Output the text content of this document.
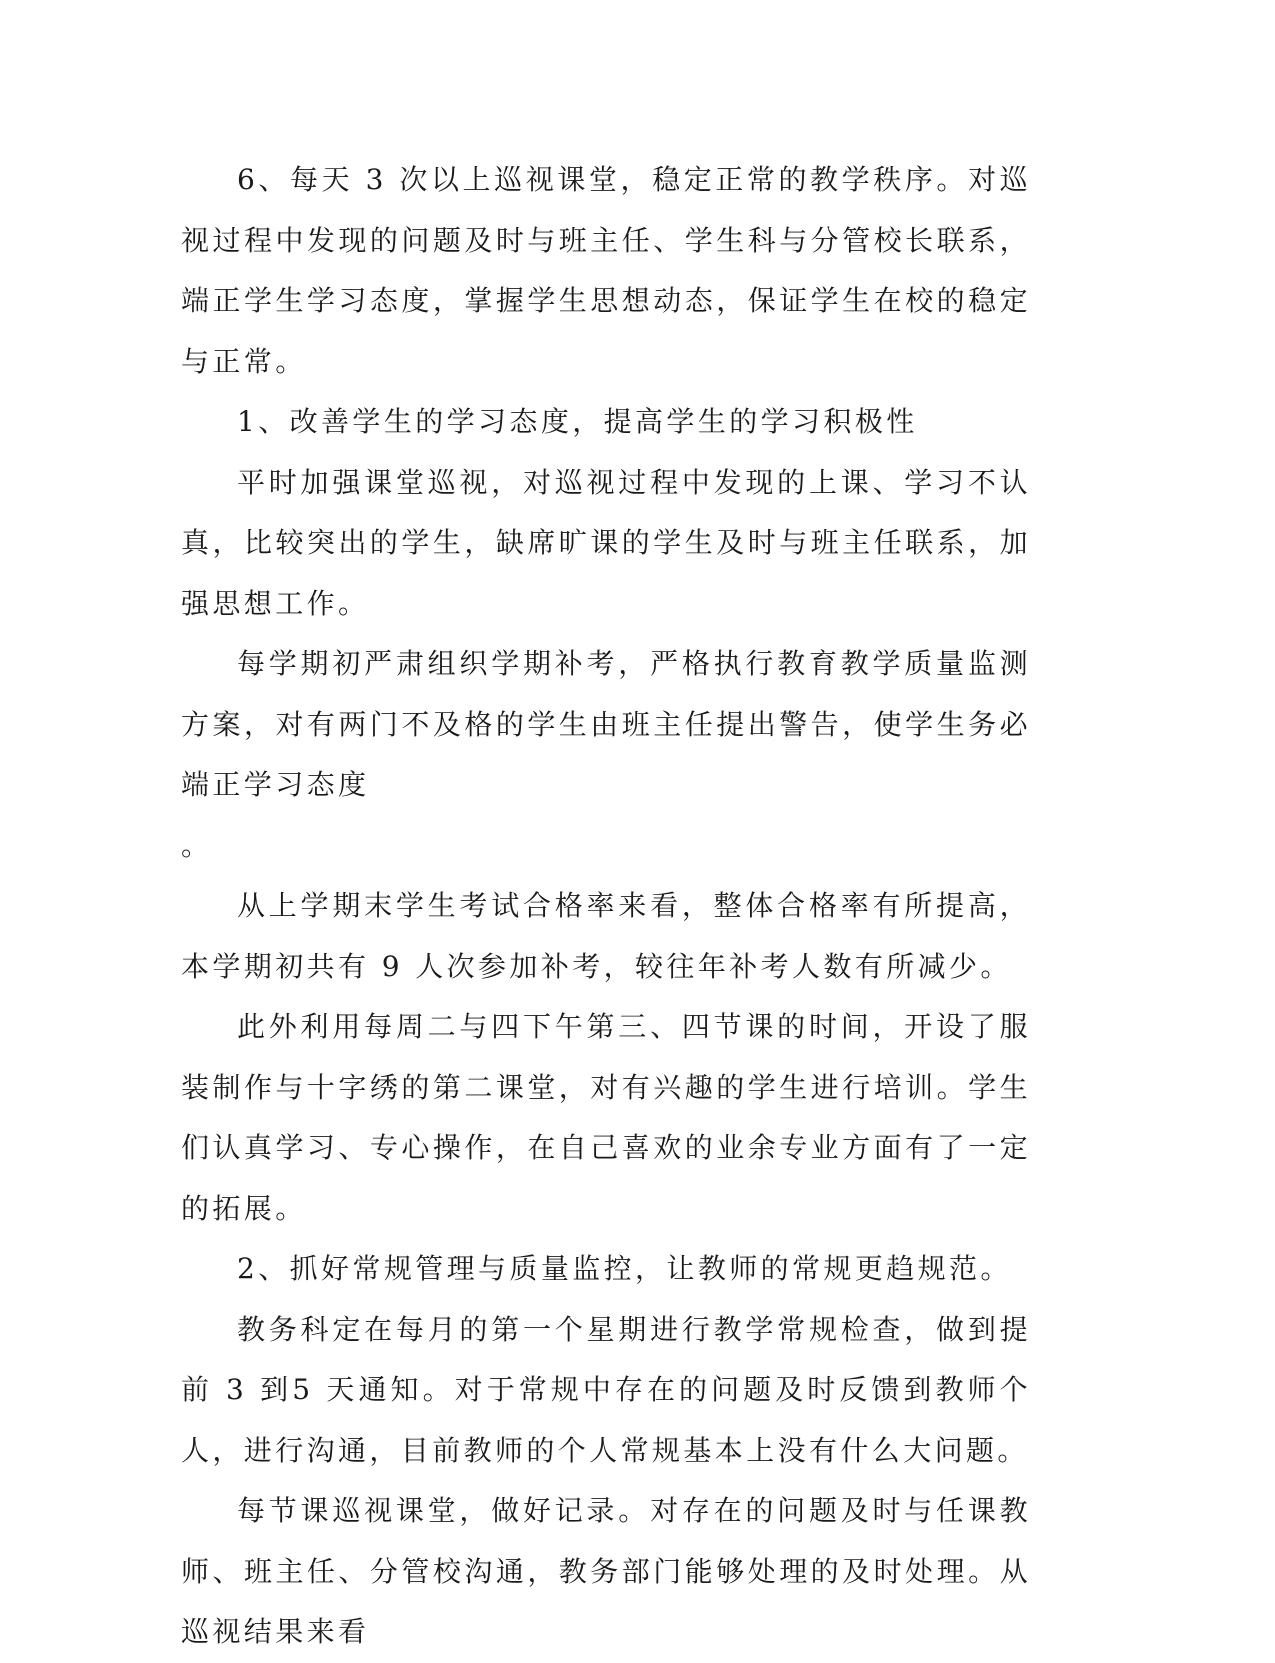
6、每天 3 次以上巡视课堂，稳定正常的教学秩序。对巡视过程中发现的问题及时与班主任、学生科与分管校长联系，端正学生学习态度，掌握学生思想动态，保证学生在校的稳定与正常。

1、改善学生的学习态度，提高学生的学习积极性

平时加强课堂巡视，对巡视过程中发现的上课、学习不认真，比较突出的学生，缺席旷课的学生及时与班主任联系，加强思想工作。

每学期初严肃组织学期补考，严格执行教育教学质量监测方案，对有两门不及格的学生由班主任提出警告，使学生务必端正学习态度

。

从上学期末学生考试合格率来看，整体合格率有所提高，本学期初共有 9 人次参加补考，较往年补考人数有所减少。

此外利用每周二与四下午第三、四节课的时间，开设了服装制作与十字绣的第二课堂，对有兴趣的学生进行培训。学生们认真学习、专心操作，在自己喜欢的业余专业方面有了一定的拓展。

2、抓好常规管理与质量监控，让教师的常规更趋规范。

教务科定在每月的第一个星期进行教学常规检查，做到提前 3 到5 天通知。对于常规中存在的问题及时反馈到教师个人，进行沟通，目前教师的个人常规基本上没有什么大问题。

每节课巡视课堂，做好记录。对存在的问题及时与任课教师、班主任、分管校沟通，教务部门能够处理的及时处理。从巡视结果来看
